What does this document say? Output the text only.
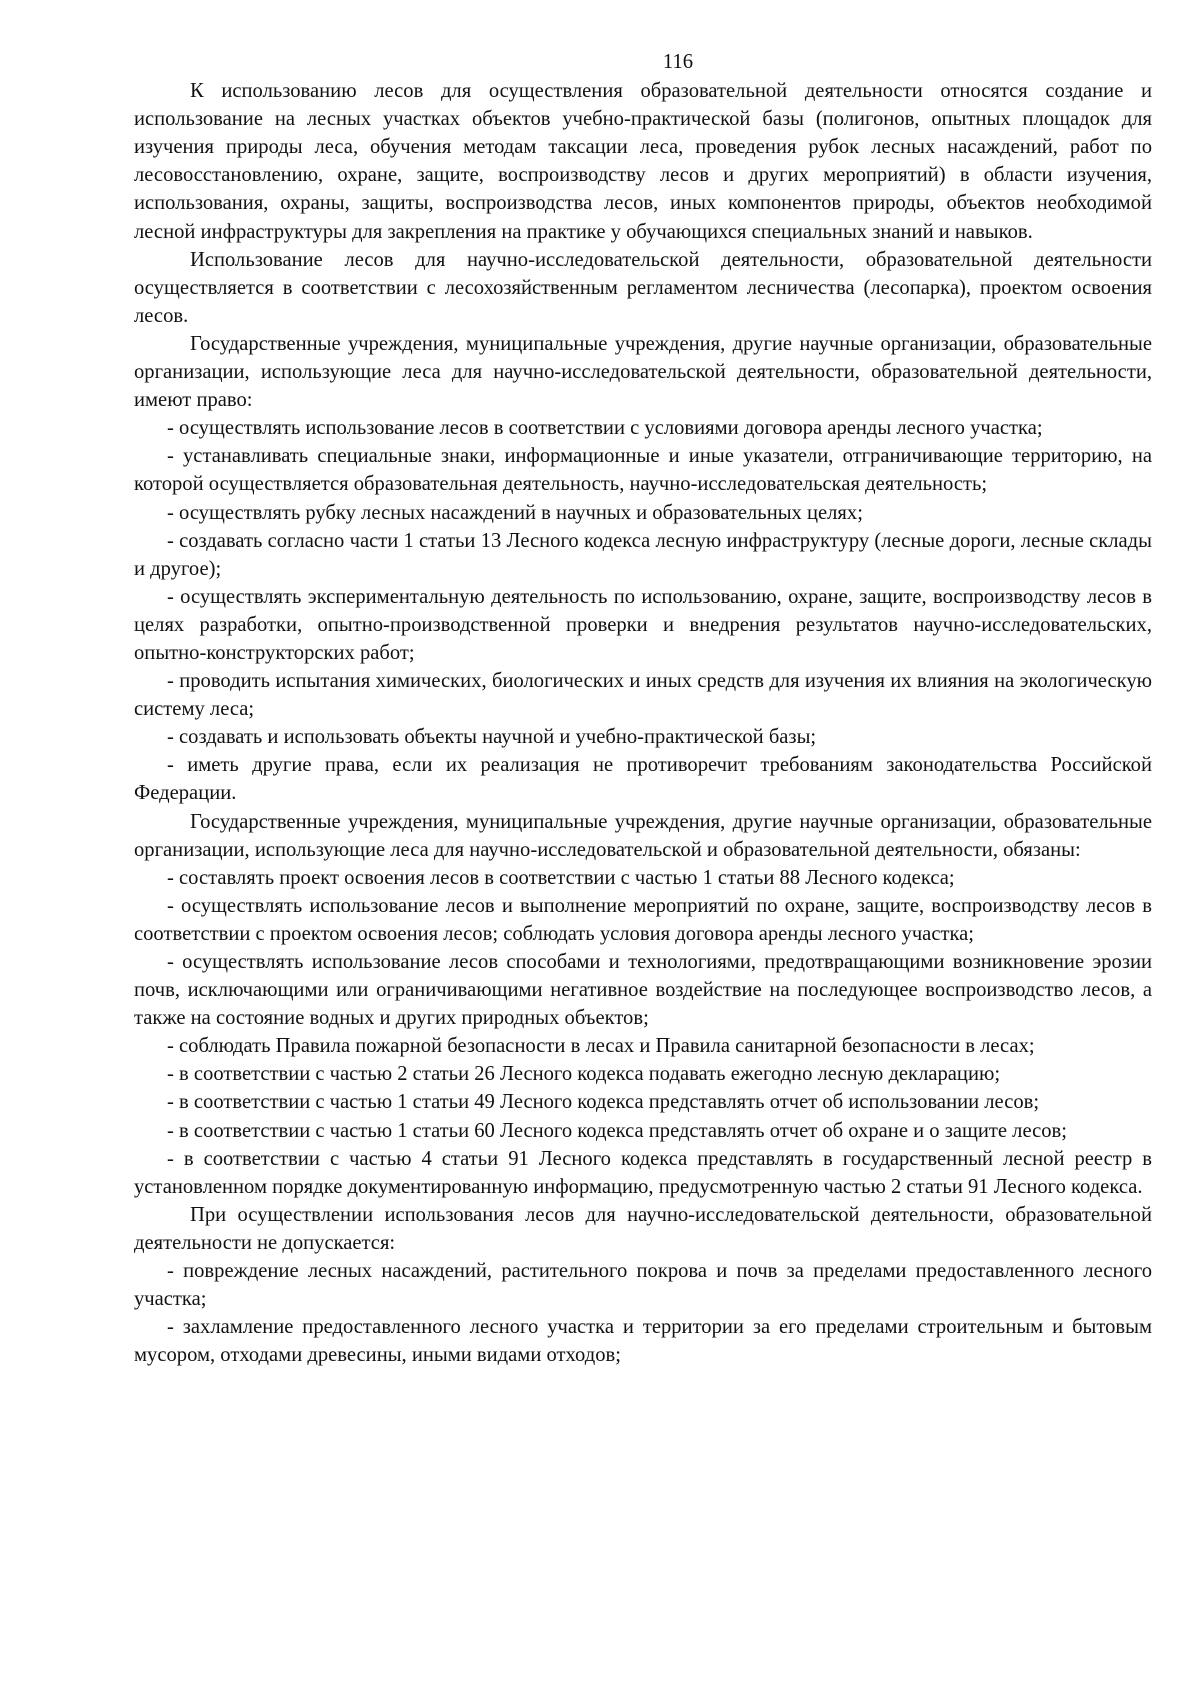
116

К использованию лесов для осуществления образовательной деятельности относятся создание и использование на лесных участках объектов учебно-практической базы (полигонов, опытных площадок для изучения природы леса, обучения методам таксации леса, проведения рубок лесных насаждений, работ по лесовосстановлению, охране, защите, воспроизводству лесов и других мероприятий) в области изучения, использования, охраны, защиты, воспроизводства лесов, иных компонентов природы, объектов необходимой лесной инфраструктуры для закрепления на практике у обучающихся специальных знаний и навыков.

Использование лесов для научно-исследовательской деятельности, образовательной деятельности осуществляется в соответствии с лесохозяйственным регламентом лесничества (лесопарка), проектом освоения лесов.

Государственные учреждения, муниципальные учреждения, другие научные организации, образовательные организации, использующие леса для научно-исследовательской деятельности, образовательной деятельности, имеют право:

- осуществлять использование лесов в соответствии с условиями договора аренды лесного участка;

- устанавливать специальные знаки, информационные и иные указатели, отграничивающие территорию, на которой осуществляется образовательная деятельность, научно-исследовательская деятельность;

- осуществлять рубку лесных насаждений в научных и образовательных целях;

- создавать согласно части 1 статьи 13 Лесного кодекса лесную инфраструктуру (лесные дороги, лесные склады и другое);

- осуществлять экспериментальную деятельность по использованию, охране, защите, воспроизводству лесов в целях разработки, опытно-производственной проверки и внедрения результатов научно-исследовательских, опытно-конструкторских работ;

- проводить испытания химических, биологических и иных средств для изучения их влияния на экологическую систему леса;

- создавать и использовать объекты научной и учебно-практической базы;

- иметь другие права, если их реализация не противоречит требованиям законодательства Российской Федерации.

Государственные учреждения, муниципальные учреждения, другие научные организации, образовательные организации, использующие леса для научно-исследовательской и образовательной деятельности, обязаны:

- составлять проект освоения лесов в соответствии с частью 1 статьи 88 Лесного кодекса;

- осуществлять использование лесов и выполнение мероприятий по охране, защите, воспроизводству лесов в соответствии с проектом освоения лесов; соблюдать условия договора аренды лесного участка;

- осуществлять использование лесов способами и технологиями, предотвращающими возникновение эрозии почв, исключающими или ограничивающими негативное воздействие на последующее воспроизводство лесов, а также на состояние водных и других природных объектов;

- соблюдать Правила пожарной безопасности в лесах и Правила санитарной безопасности в лесах;

- в соответствии с частью 2 статьи 26 Лесного кодекса подавать ежегодно лесную декларацию;

- в соответствии с частью 1 статьи 49 Лесного кодекса представлять отчет об использовании лесов;

- в соответствии с частью 1 статьи 60 Лесного кодекса представлять отчет об охране и о защите лесов;

- в соответствии с частью 4 статьи 91 Лесного кодекса представлять в государственный лесной реестр в установленном порядке документированную информацию, предусмотренную частью 2 статьи 91 Лесного кодекса.

При осуществлении использования лесов для научно-исследовательской деятельности, образовательной деятельности не допускается:

- повреждение лесных насаждений, растительного покрова и почв за пределами предоставленного лесного участка;

- захламление предоставленного лесного участка и территории за его пределами строительным и бытовым мусором, отходами древесины, иными видами отходов;
